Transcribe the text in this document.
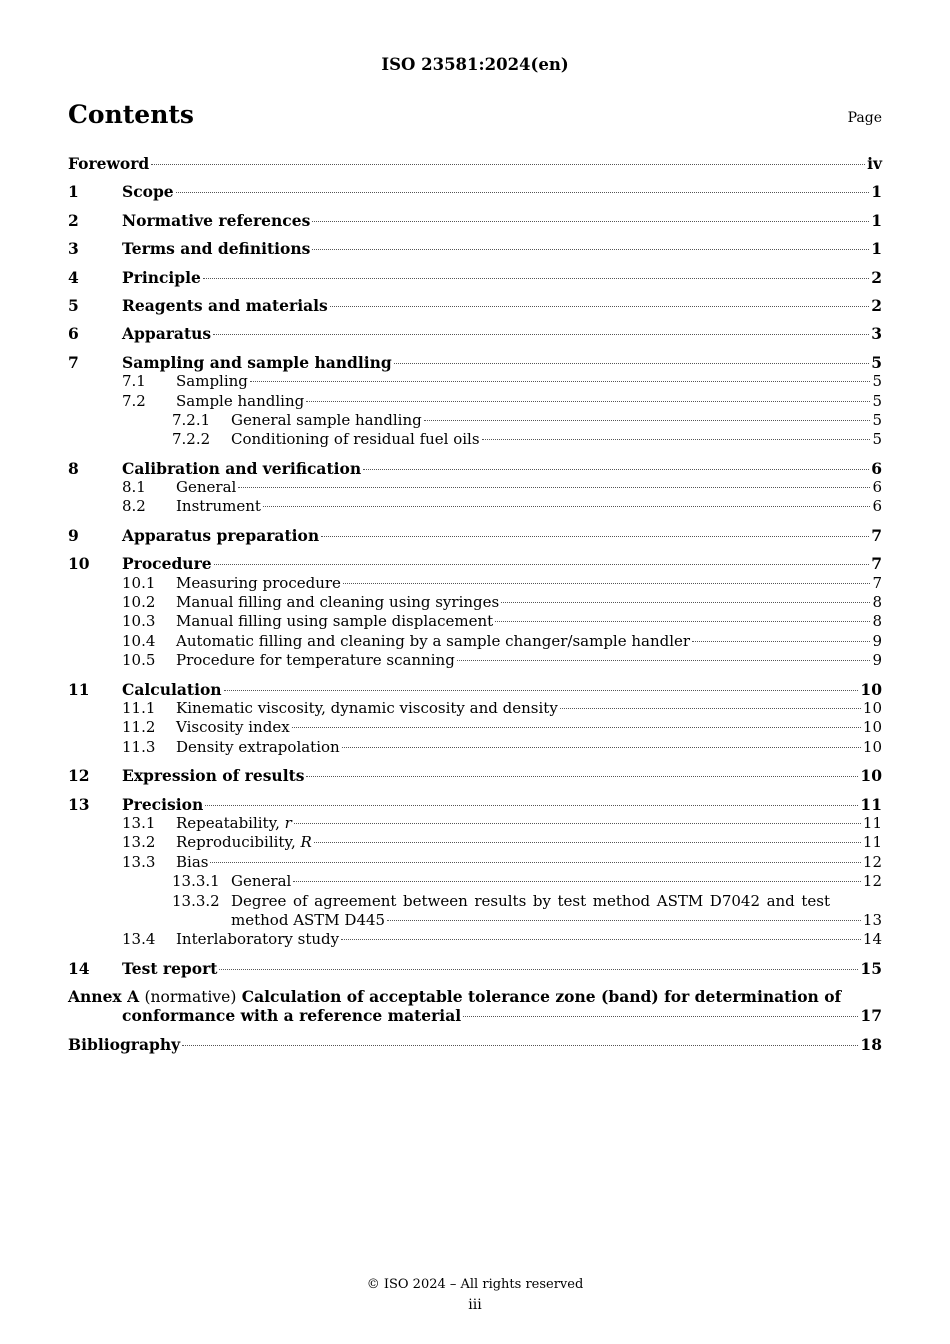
ISO 23581:2024(en)
Contents	Page
Foreword	iv
1	Scope	1
2	Normative references	1
3	Terms and definitions	1
4	Principle	2
5	Reagents and materials	2
6	Apparatus	3
7	Sampling and sample handling	5
7.1 Sampling	5
7.2 Sample handling	5
7.2.1 General sample handling	5
7.2.2 Conditioning of residual fuel oils	5
8	Calibration and verification	6
8.1 General	6
8.2 Instrument	6
9	Apparatus preparation	7
10 Procedure	7
10.1 Measuring procedure	7
10.2 Manual filling and cleaning using syringes	8
10.3 Manual filling using sample displacement	8
10.4 Automatic filling and cleaning by a sample changer/sample handler	9
10.5 Procedure for temperature scanning	9
11 Calculation	10
11.1 Kinematic viscosity, dynamic viscosity and density	10
11.2 Viscosity index	10
11.3 Density extrapolation	10
12 Expression of results	10
13 Precision	11
13.1 Repeatability, r	11
13.2 Reproducibility, R	11
13.3 Bias	12
13.3.1 General	12
13.3.2 Degree of agreement between results by test method ASTM D7042 and test
method ASTM D445	13
13.4 Interlaboratory study	14
14 Test report	15
Annex A (normative) Calculation of acceptable tolerance zone (band) for determination of
conformance with a reference material	17
Bibliography	18
© ISO 2024 – All rights reserved
iii
